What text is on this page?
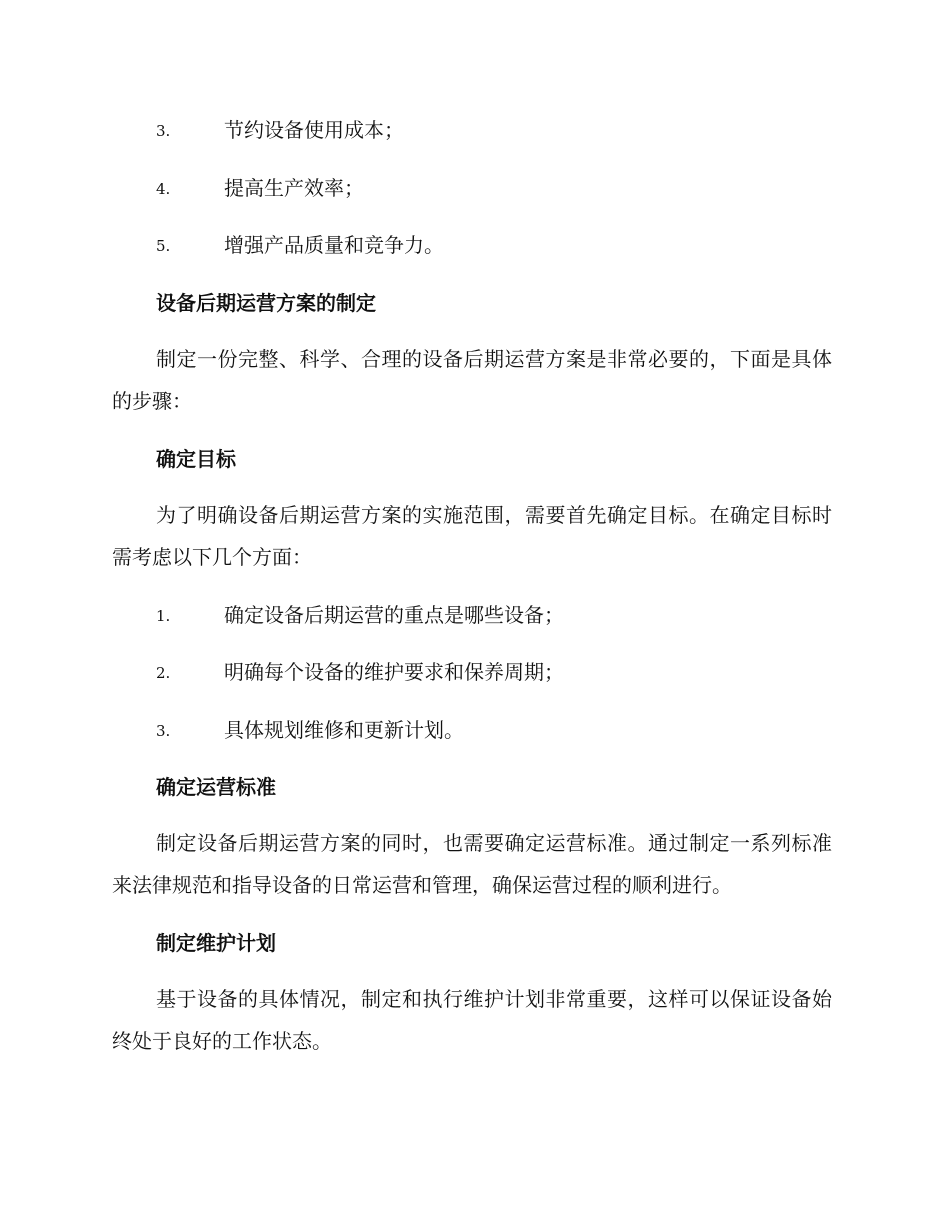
3.	节约设备使用成本；
4.	提高生产效率；
5.	增强产品质量和竞争力。
设备后期运营方案的制定

制定一份完整、科学、合理的设备后期运营方案是非常必要的，下面是具体的步骤：

确定目标

为了明确设备后期运营方案的实施范围，需要首先确定目标。在确定目标时需考虑以下几个方面：

1.	确定设备后期运营的重点是哪些设备；
2.	明确每个设备的维护要求和保养周期；
3.	具体规划维修和更新计划。
确定运营标准

制定设备后期运营方案的同时，也需要确定运营标准。通过制定一系列标准来法律规范和指导设备的日常运营和管理，确保运营过程的顺利进行。

制定维护计划

基于设备的具体情况，制定和执行维护计划非常重要，这样可以保证设备始终处于良好的工作状态。
